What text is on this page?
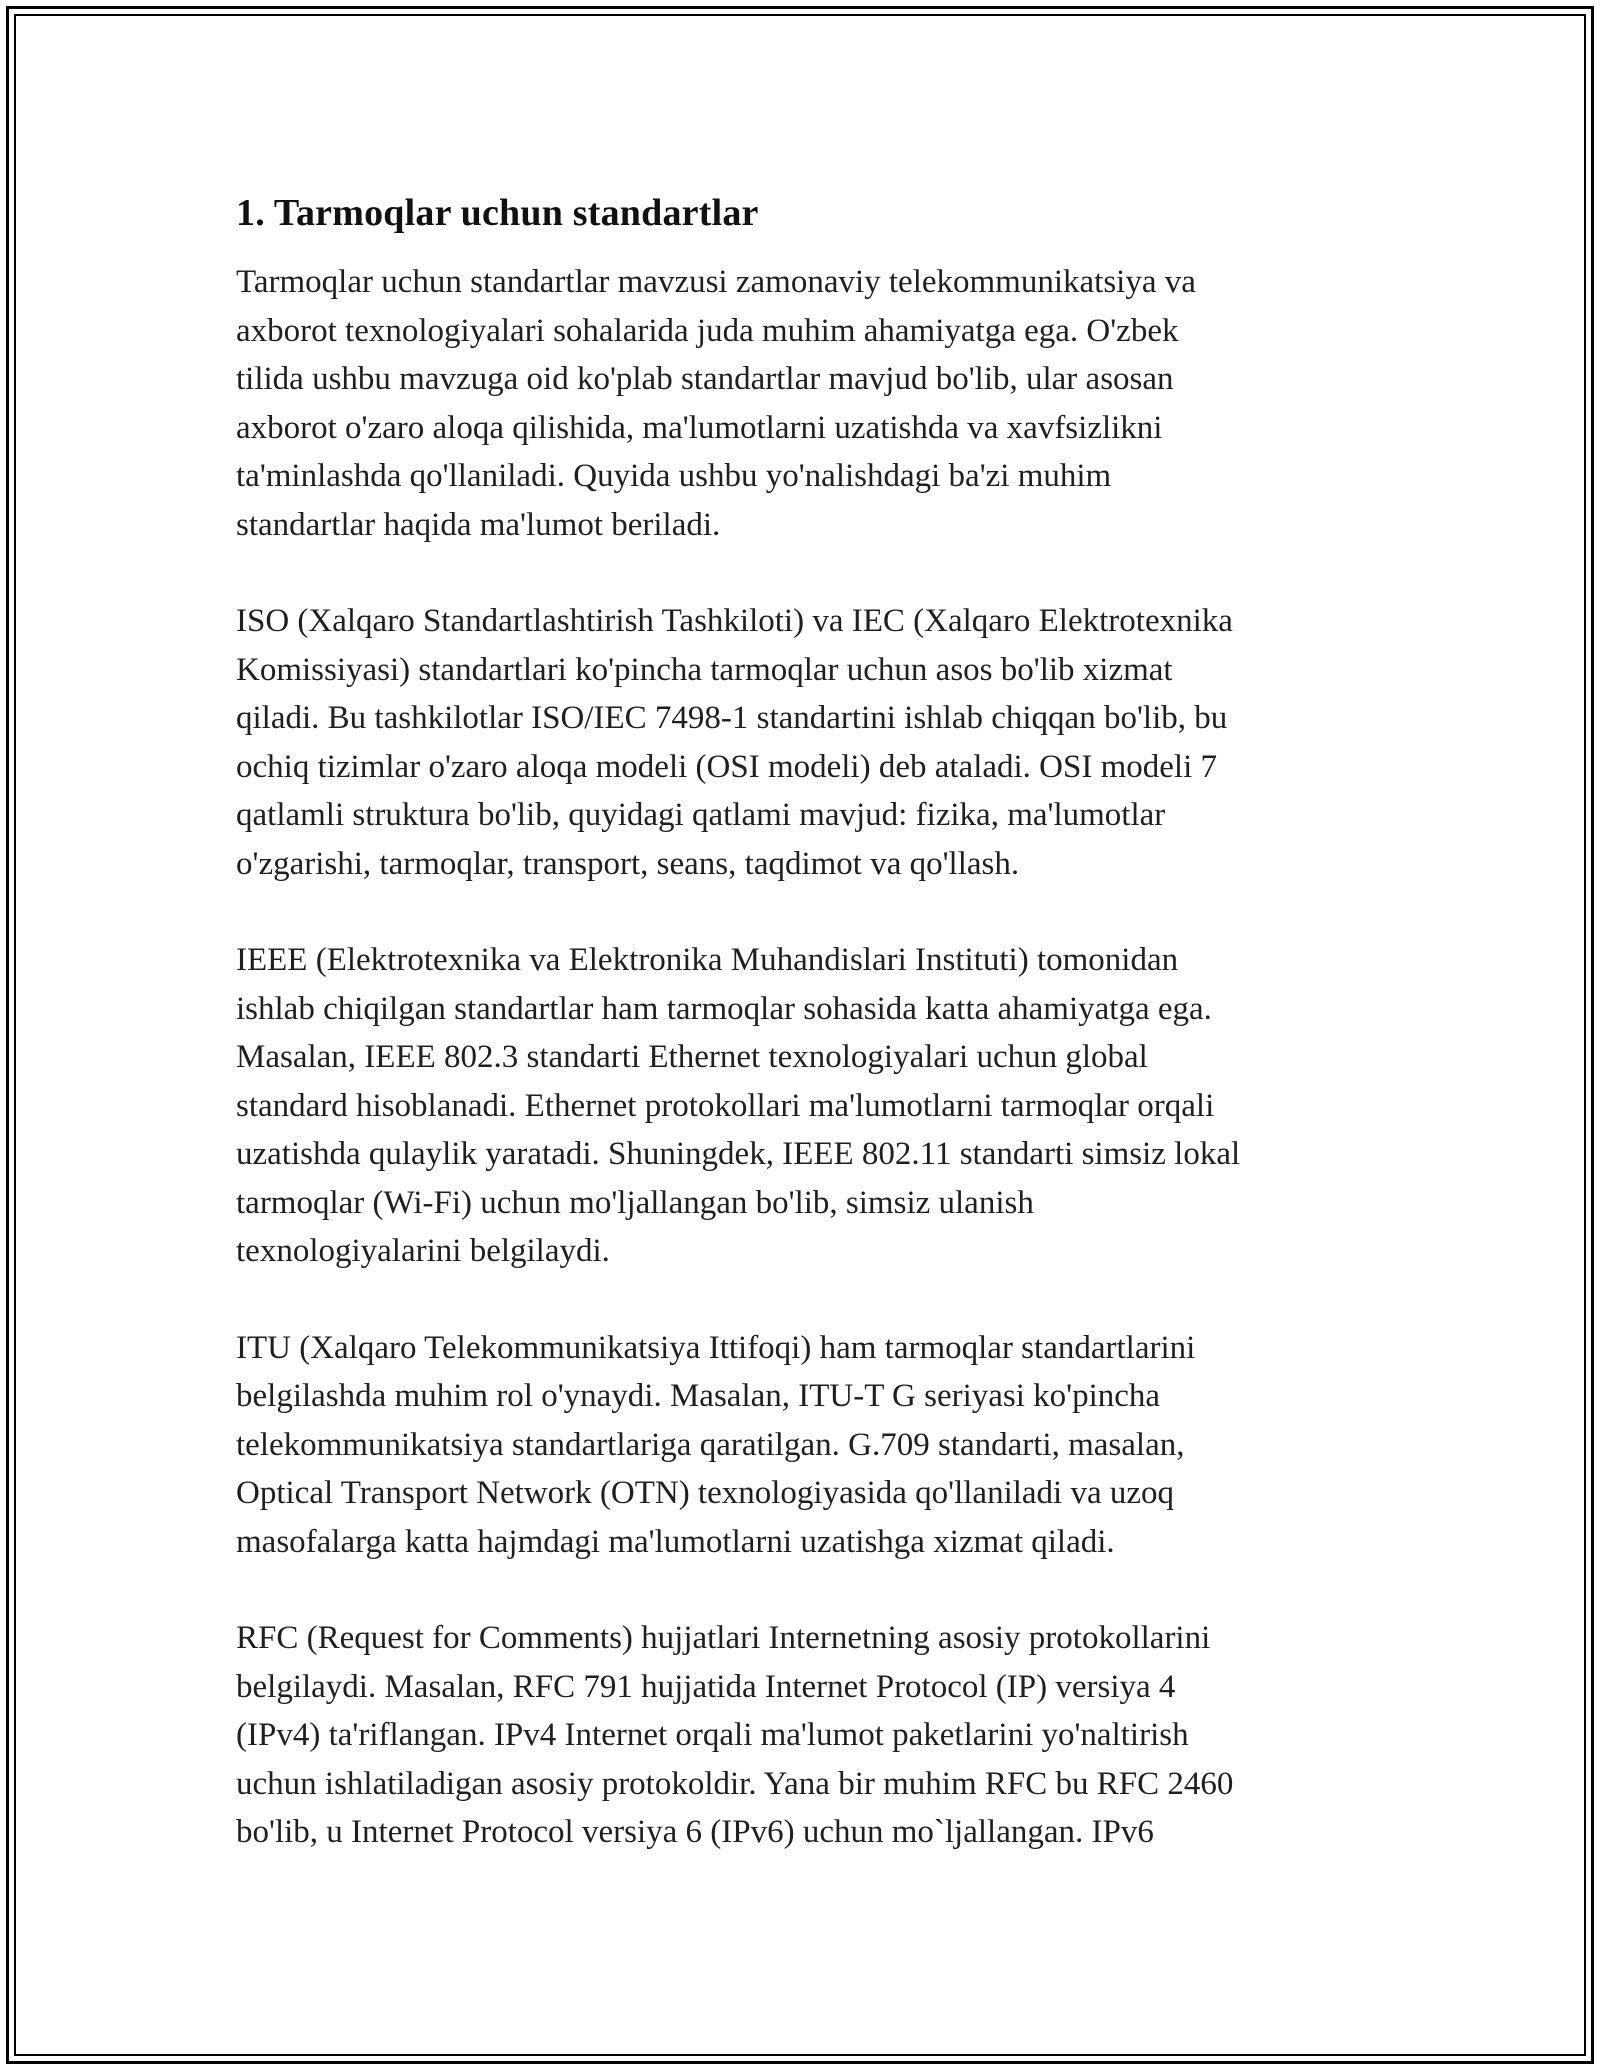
1. Tarmoqlar uchun standartlar

Tarmoqlar uchun standartlar mavzusi zamonaviy telekommunikatsiya va
axborot texnologiyalari sohalarida juda muhim ahamiyatga ega. O'zbek
tilida ushbu mavzuga oid ko'plab standartlar mavjud bo'lib, ular asosan
axborot o'zaro aloqa qilishida, ma'lumotlarni uzatishda va xavfsizlikni
ta'minlashda qo'llaniladi. Quyida ushbu yo'nalishdagi ba'zi muhim
standartlar haqida ma'lumot beriladi.

ISO (Xalqaro Standartlashtirish Tashkiloti) va IEC (Xalqaro Elektrotexnika
Komissiyasi) standartlari ko'pincha tarmoqlar uchun asos bo'lib xizmat
qiladi. Bu tashkilotlar ISO/IEC 7498-1 standartini ishlab chiqqan bo'lib, bu
ochiq tizimlar o'zaro aloqa modeli (OSI modeli) deb ataladi. OSI modeli 7
qatlamli struktura bo'lib, quyidagi qatlami mavjud: fizika, ma'lumotlar
o'zgarishi, tarmoqlar, transport, seans, taqdimot va qo'llash.

IEEE (Elektrotexnika va Elektronika Muhandislari Instituti) tomonidan
ishlab chiqilgan standartlar ham tarmoqlar sohasida katta ahamiyatga ega.
Masalan, IEEE 802.3 standarti Ethernet texnologiyalari uchun global
standard hisoblanadi. Ethernet protokollari ma'lumotlarni tarmoqlar orqali
uzatishda qulaylik yaratadi. Shuningdek, IEEE 802.11 standarti simsiz lokal
tarmoqlar (Wi-Fi) uchun mo'ljallangan bo'lib, simsiz ulanish
texnologiyalarini belgilaydi.

ITU (Xalqaro Telekommunikatsiya Ittifoqi) ham tarmoqlar standartlarini
belgilashda muhim rol o'ynaydi. Masalan, ITU-T G seriyasi ko'pincha
telekommunikatsiya standartlariga qaratilgan. G.709 standarti, masalan,
Optical Transport Network (OTN) texnologiyasida qo'llaniladi va uzoq
masofalarga katta hajmdagi ma'lumotlarni uzatishga xizmat qiladi.

RFC (Request for Comments) hujjatlari Internetning asosiy protokollarini
belgilaydi. Masalan, RFC 791 hujjatida Internet Protocol (IP) versiya 4
(IPv4) ta'riflangan. IPv4 Internet orqali ma'lumot paketlarini yo'naltirish
uchun ishlatiladigan asosiy protokoldir. Yana bir muhim RFC bu RFC 2460
bo'lib, u Internet Protocol versiya 6 (IPv6) uchun mo`ljallangan. IPv6
